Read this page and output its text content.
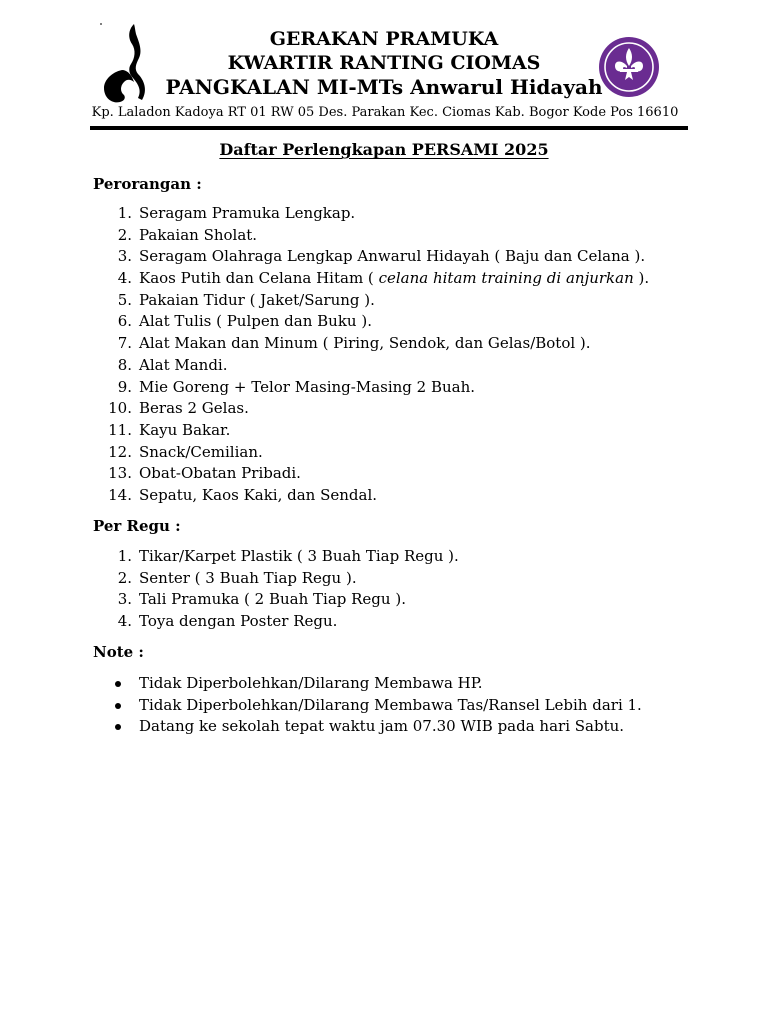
GERAKAN PRAMUKA
KWARTIR RANTING CIOMAS
PANGKALAN MI-MTs Anwarul Hidayah
Kp. Laladon Kadoya RT 01 RW 05 Des. Parakan Kec. Ciomas Kab. Bogor Kode Pos 16610
Daftar Perlengkapan PERSAMI 2025
Perorangan :
1. Seragam Pramuka Lengkap.
2. Pakaian Sholat.
3. Seragam Olahraga Lengkap Anwarul Hidayah ( Baju dan Celana ).
4. Kaos Putih dan Celana Hitam ( celana hitam training di anjurkan ).
5. Pakaian Tidur ( Jaket/Sarung ).
6. Alat Tulis ( Pulpen dan Buku ).
7. Alat Makan dan Minum ( Piring, Sendok, dan Gelas/Botol ).
8. Alat Mandi.
9. Mie Goreng + Telor Masing-Masing 2 Buah.
10. Beras 2 Gelas.
11. Kayu Bakar.
12. Snack/Cemilian.
13. Obat-Obatan Pribadi.
14. Sepatu, Kaos Kaki, dan Sendal.
Per Regu :
1. Tikar/Karpet Plastik ( 3 Buah Tiap Regu ).
2. Senter ( 3 Buah Tiap Regu ).
3. Tali Pramuka ( 2 Buah Tiap Regu ).
4. Toya dengan Poster Regu.
Note :
Tidak Diperbolehkan/Dilarang Membawa HP.
Tidak Diperbolehkan/Dilarang Membawa Tas/Ransel Lebih dari 1.
Datang ke sekolah tepat waktu jam 07.30 WIB pada hari Sabtu.
